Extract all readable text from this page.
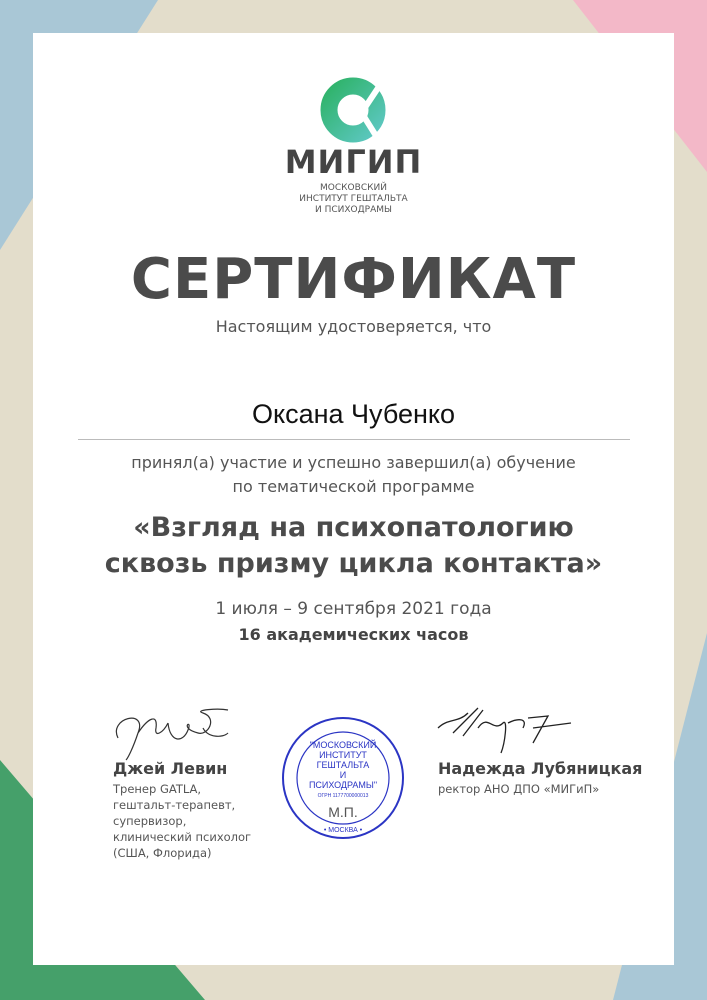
МИГИП
МОСКОВСКИЙ
ИНСТИТУТ ГЕШТАЛЬТА
И ПСИХОДРАМЫ
СЕРТИФИКАТ
Настоящим удостоверяется, что
Оксана Чубенко
принял(а) участие и успешно завершил(а) обучение
по тематической программе
«Взгляд на психопатологию
сквозь призму цикла контакта»
1 июля – 9 сентября 2021 года
16 академических часов
Джей Левин
Тренер GATLA,
гештальт-терапевт,
супервизор,
клинический психолог
(США, Флорида)
"МОСКОВСКИЙ
ИНСТИТУТ
ГЕШТАЛЬТА
И
ПСИХОДРАМЫ"
ОГРН 1177700000013
М.П.
• МОСКВА •
Надежда Лубяницкая
ректор АНО ДПО «МИГиП»
